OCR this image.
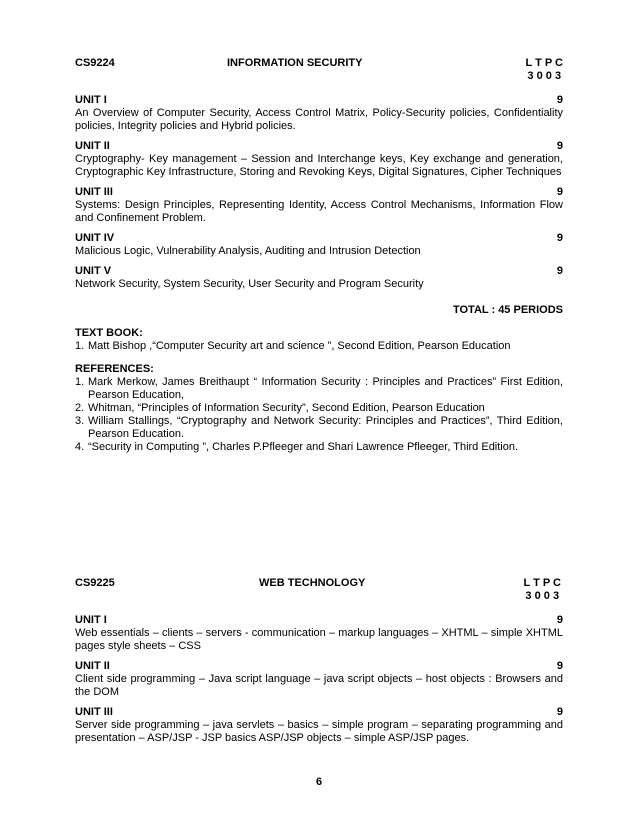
CS9224	INFORMATION SECURITY	L T P C
3 0 0 3
UNIT I	9
An Overview of Computer Security, Access Control Matrix, Policy-Security policies, Confidentiality policies, Integrity policies and Hybrid policies.
UNIT II	9
Cryptography- Key management – Session and Interchange keys, Key exchange and generation, Cryptographic Key Infrastructure, Storing and Revoking Keys, Digital Signatures, Cipher Techniques
UNIT III	9
Systems: Design Principles, Representing Identity, Access Control Mechanisms, Information Flow and Confinement Problem.
UNIT IV	9
Malicious Logic, Vulnerability Analysis, Auditing and Intrusion Detection
UNIT V	9
Network Security, System Security, User Security and Program Security
TOTAL : 45 PERIODS
TEXT BOOK:
1. Matt Bishop ,“Computer Security art and science ”, Second Edition, Pearson Education
REFERENCES:
1. Mark Merkow, James Breithaupt “ Information Security : Principles and Practices” First Edition, Pearson Education,
2. Whitman, “Principles of Information Security”, Second Edition, Pearson Education
3. William Stallings, “Cryptography and Network Security: Principles and Practices”, Third Edition, Pearson Education.
4. “Security in Computing ”, Charles P.Pfleeger and Shari Lawrence Pfleeger, Third Edition.
CS9225	WEB TECHNOLOGY	L T P C
3 0 0 3
UNIT I	9
Web essentials – clients – servers - communication – markup languages – XHTML – simple XHTML pages style sheets – CSS
UNIT II	9
Client side programming – Java script language – java script objects – host objects : Browsers and the DOM
UNIT III	9
Server side programming – java servlets – basics – simple program – separating programming and presentation – ASP/JSP - JSP basics ASP/JSP objects – simple ASP/JSP pages.
6
